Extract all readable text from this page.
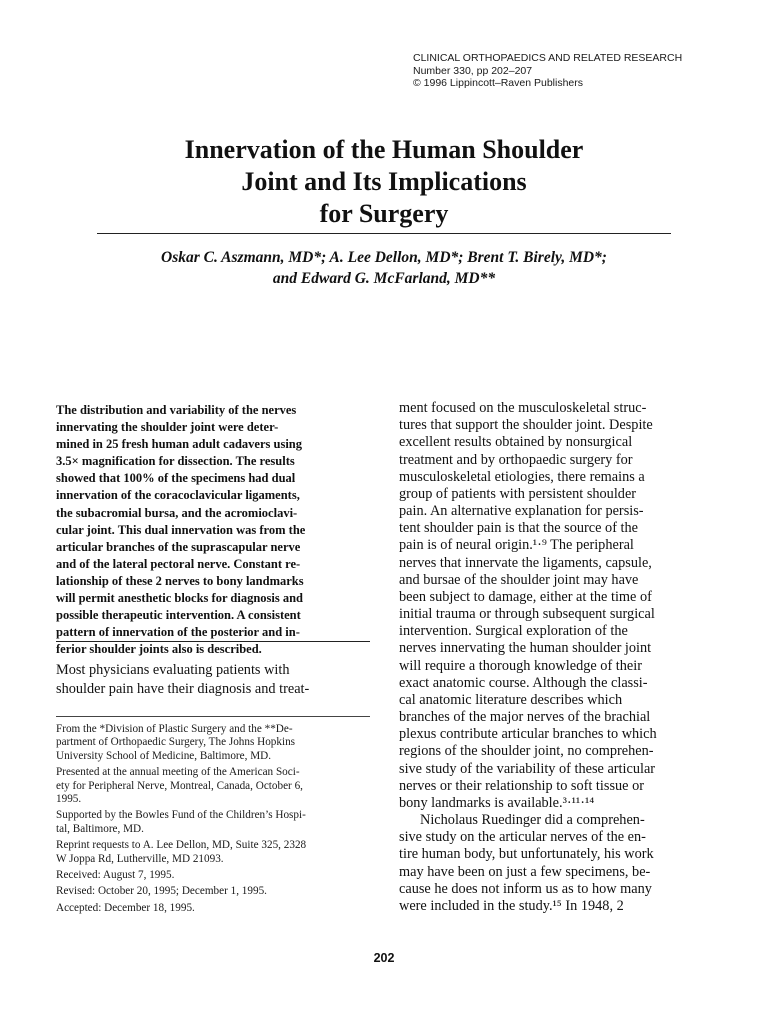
CLINICAL ORTHOPAEDICS AND RELATED RESEARCH
Number 330, pp 202–207
© 1996 Lippincott–Raven Publishers
Innervation of the Human Shoulder
Joint and Its Implications
for Surgery
Oskar C. Aszmann, MD*; A. Lee Dellon, MD*; Brent T. Birely, MD*;
and Edward G. McFarland, MD**
The distribution and variability of the nerves
innervating the shoulder joint were deter-
mined in 25 fresh human adult cadavers using
3.5× magnification for dissection. The results
showed that 100% of the specimens had dual
innervation of the coracoclavicular ligaments,
the subacromial bursa, and the acromioclavi-
cular joint. This dual innervation was from the
articular branches of the suprascapular nerve
and of the lateral pectoral nerve. Constant re-
lationship of these 2 nerves to bony landmarks
will permit anesthetic blocks for diagnosis and
possible therapeutic intervention. A consistent
pattern of innervation of the posterior and in-
ferior shoulder joints also is described.
Most physicians evaluating patients with
shoulder pain have their diagnosis and treat-
From the *Division of Plastic Surgery and the **De-
partment of Orthopaedic Surgery, The Johns Hopkins
University School of Medicine, Baltimore, MD.
Presented at the annual meeting of the American Soci-
ety for Peripheral Nerve, Montreal, Canada, October 6,
1995.
Supported by the Bowles Fund of the Children’s Hospi-
tal, Baltimore, MD.
Reprint requests to A. Lee Dellon, MD, Suite 325, 2328
W Joppa Rd, Lutherville, MD 21093.
Received: August 7, 1995.
Revised: October 20, 1995; December 1, 1995.
Accepted: December 18, 1995.
ment focused on the musculoskeletal struc-
tures that support the shoulder joint. Despite
excellent results obtained by nonsurgical
treatment and by orthopaedic surgery for
musculoskeletal etiologies, there remains a
group of patients with persistent shoulder
pain. An alternative explanation for persis-
tent shoulder pain is that the source of the
pain is of neural origin.¹·⁹ The peripheral
nerves that innervate the ligaments, capsule,
and bursae of the shoulder joint may have
been subject to damage, either at the time of
initial trauma or through subsequent surgical
intervention. Surgical exploration of the
nerves innervating the human shoulder joint
will require a thorough knowledge of their
exact anatomic course. Although the classi-
cal anatomic literature describes which
branches of the major nerves of the brachial
plexus contribute articular branches to which
regions of the shoulder joint, no comprehen-
sive study of the variability of these articular
nerves or their relationship to soft tissue or
bony landmarks is available.³·¹¹·¹⁴
Nicholaus Ruedinger did a comprehen-
sive study on the articular nerves of the en-
tire human body, but unfortunately, his work
may have been on just a few specimens, be-
cause he does not inform us as to how many
were included in the study.¹⁵ In 1948, 2
202
